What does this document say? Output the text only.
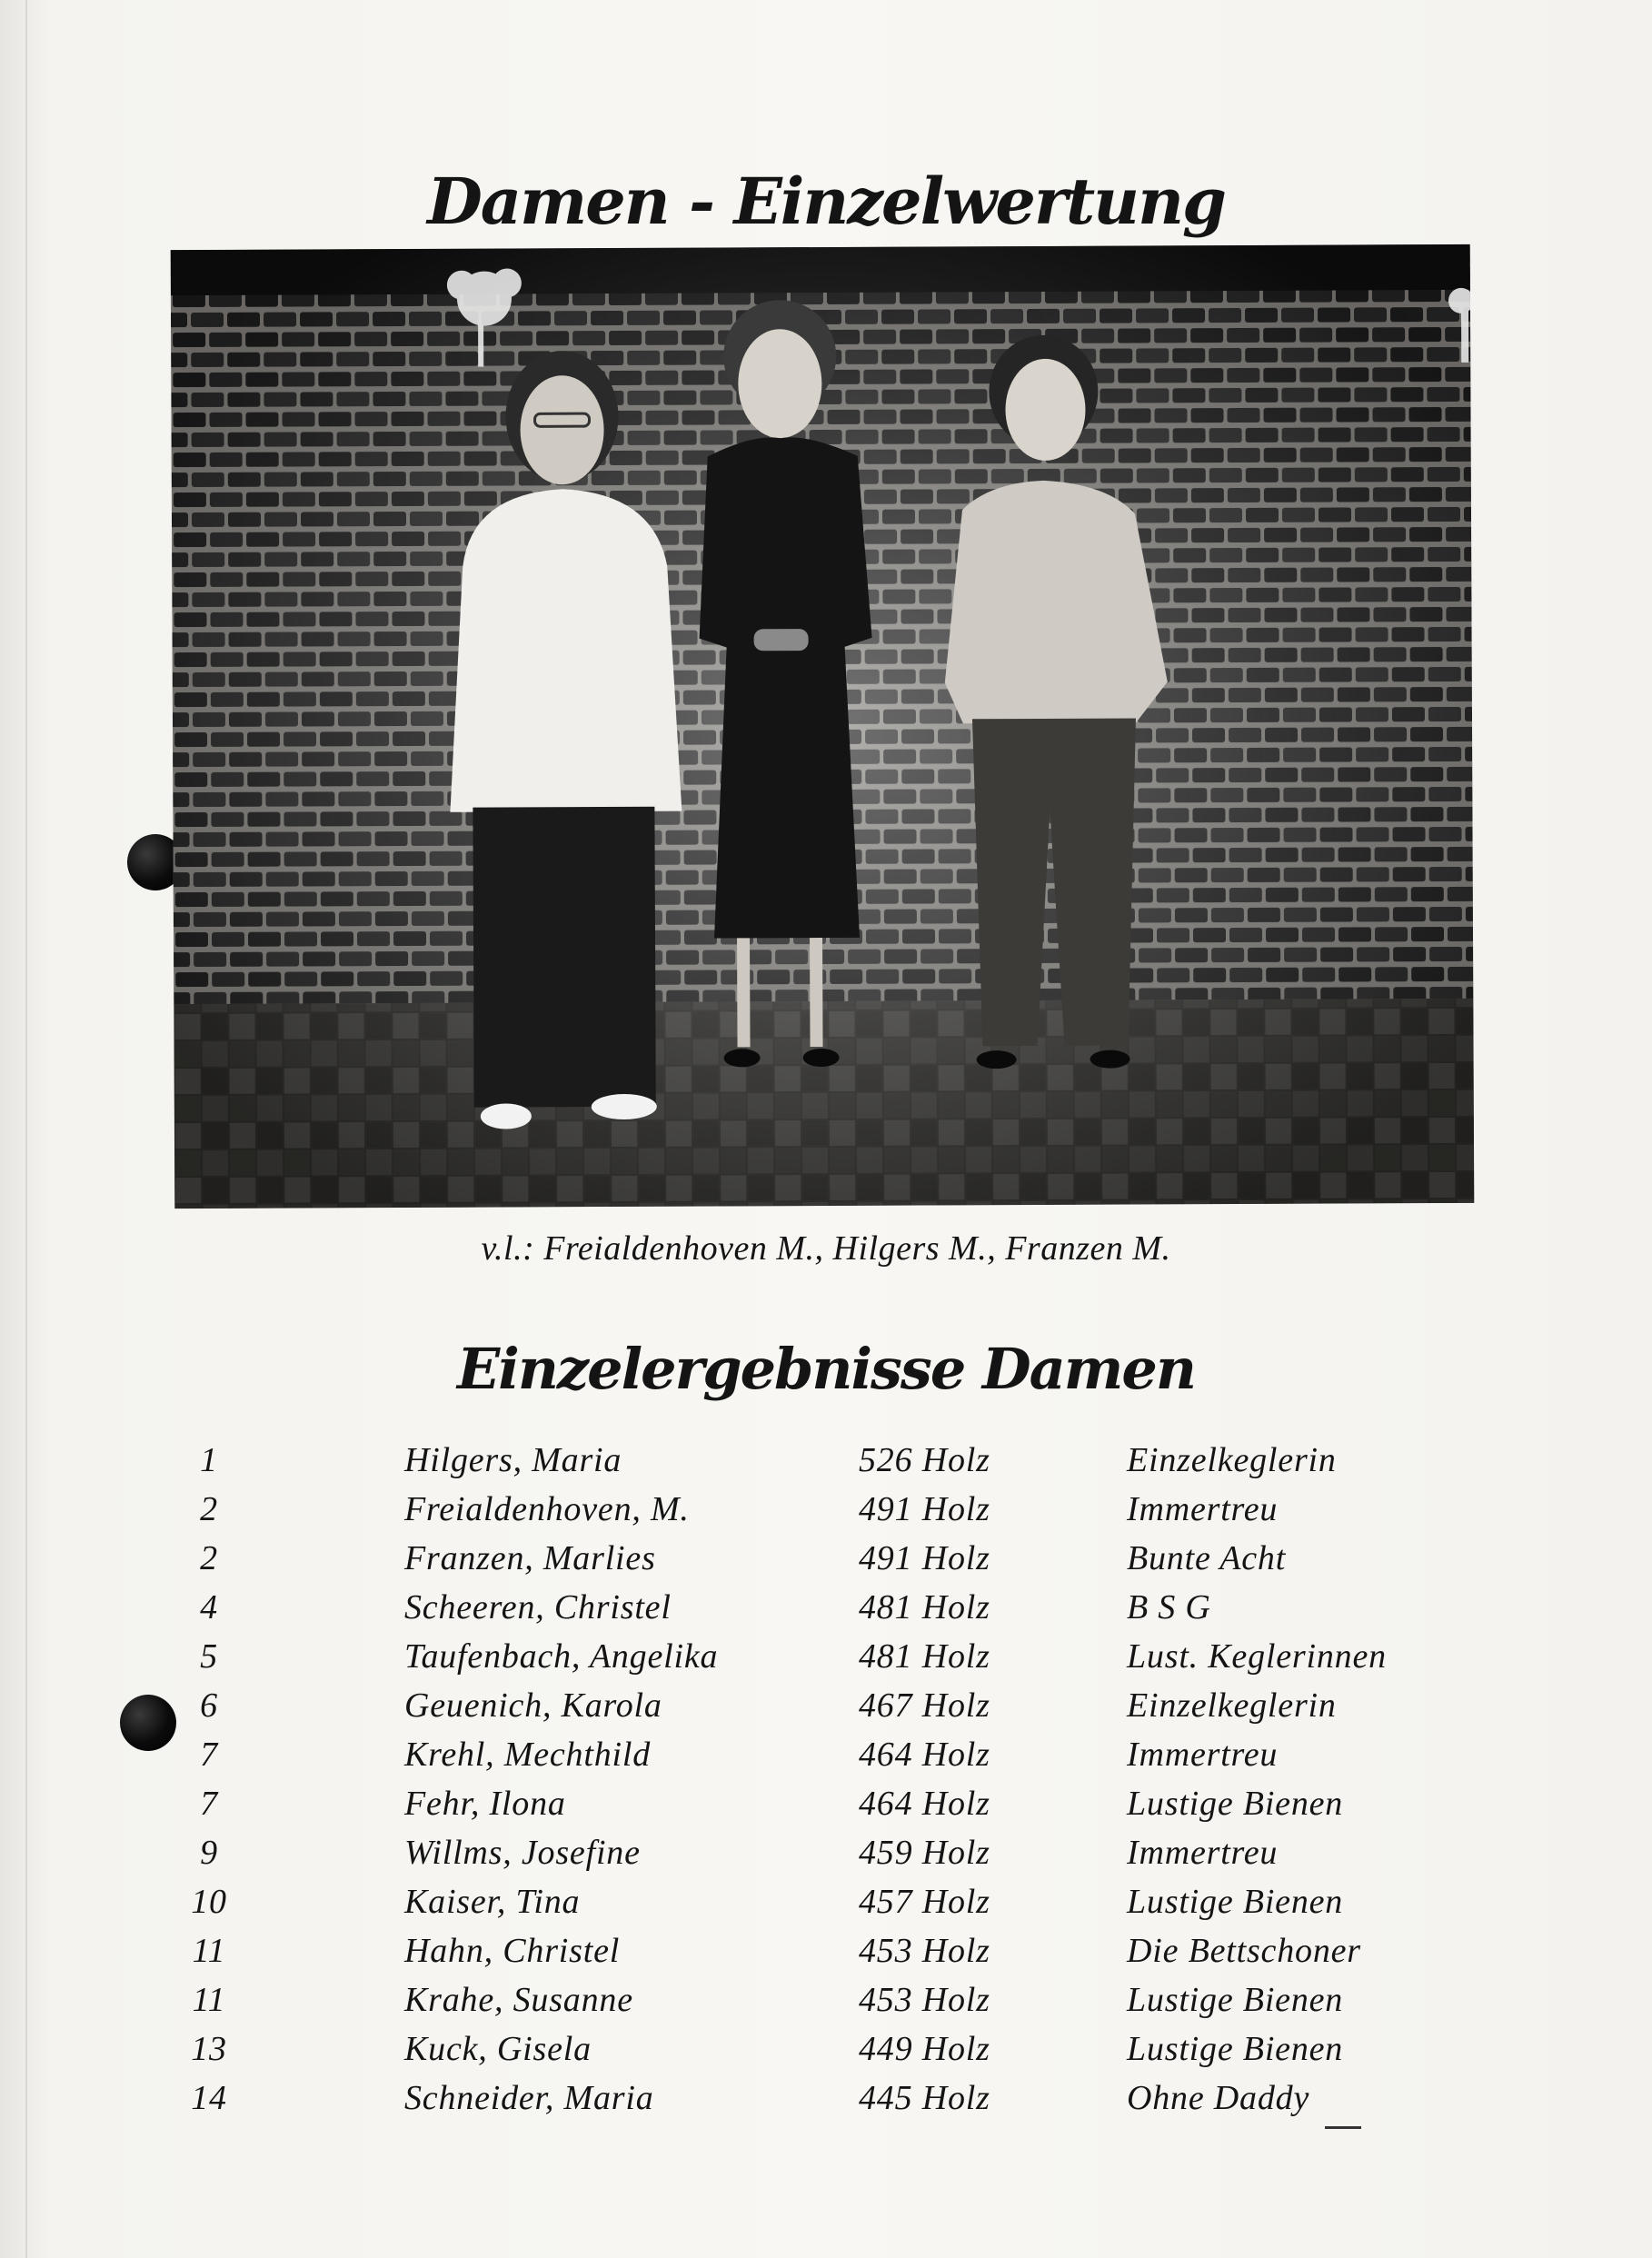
Damen - Einzelwertung

v.l.: Freialdenhoven M., Hilgers M., Franzen M.

Einzelergebnisse Damen
1	Hilgers, Maria	526 Holz	Einzelkeglerin
2	Freialdenhoven, M.	491 Holz	Immertreu
2	Franzen, Marlies	491 Holz	Bunte Acht
4	Scheeren, Christel	481 Holz	B S G
5	Taufenbach, Angelika	481 Holz	Lust. Keglerinnen
6	Geuenich, Karola	467 Holz	Einzelkeglerin
7	Krehl, Mechthild	464 Holz	Immertreu
7	Fehr, Ilona	464 Holz	Lustige Bienen
9	Willms, Josefine	459 Holz	Immertreu
10	Kaiser, Tina	457 Holz	Lustige Bienen
11	Hahn, Christel	453 Holz	Die Bettschoner
11	Krahe, Susanne	453 Holz	Lustige Bienen
13	Kuck, Gisela	449 Holz	Lustige Bienen
14	Schneider, Maria	445 Holz	Ohne Daddy
